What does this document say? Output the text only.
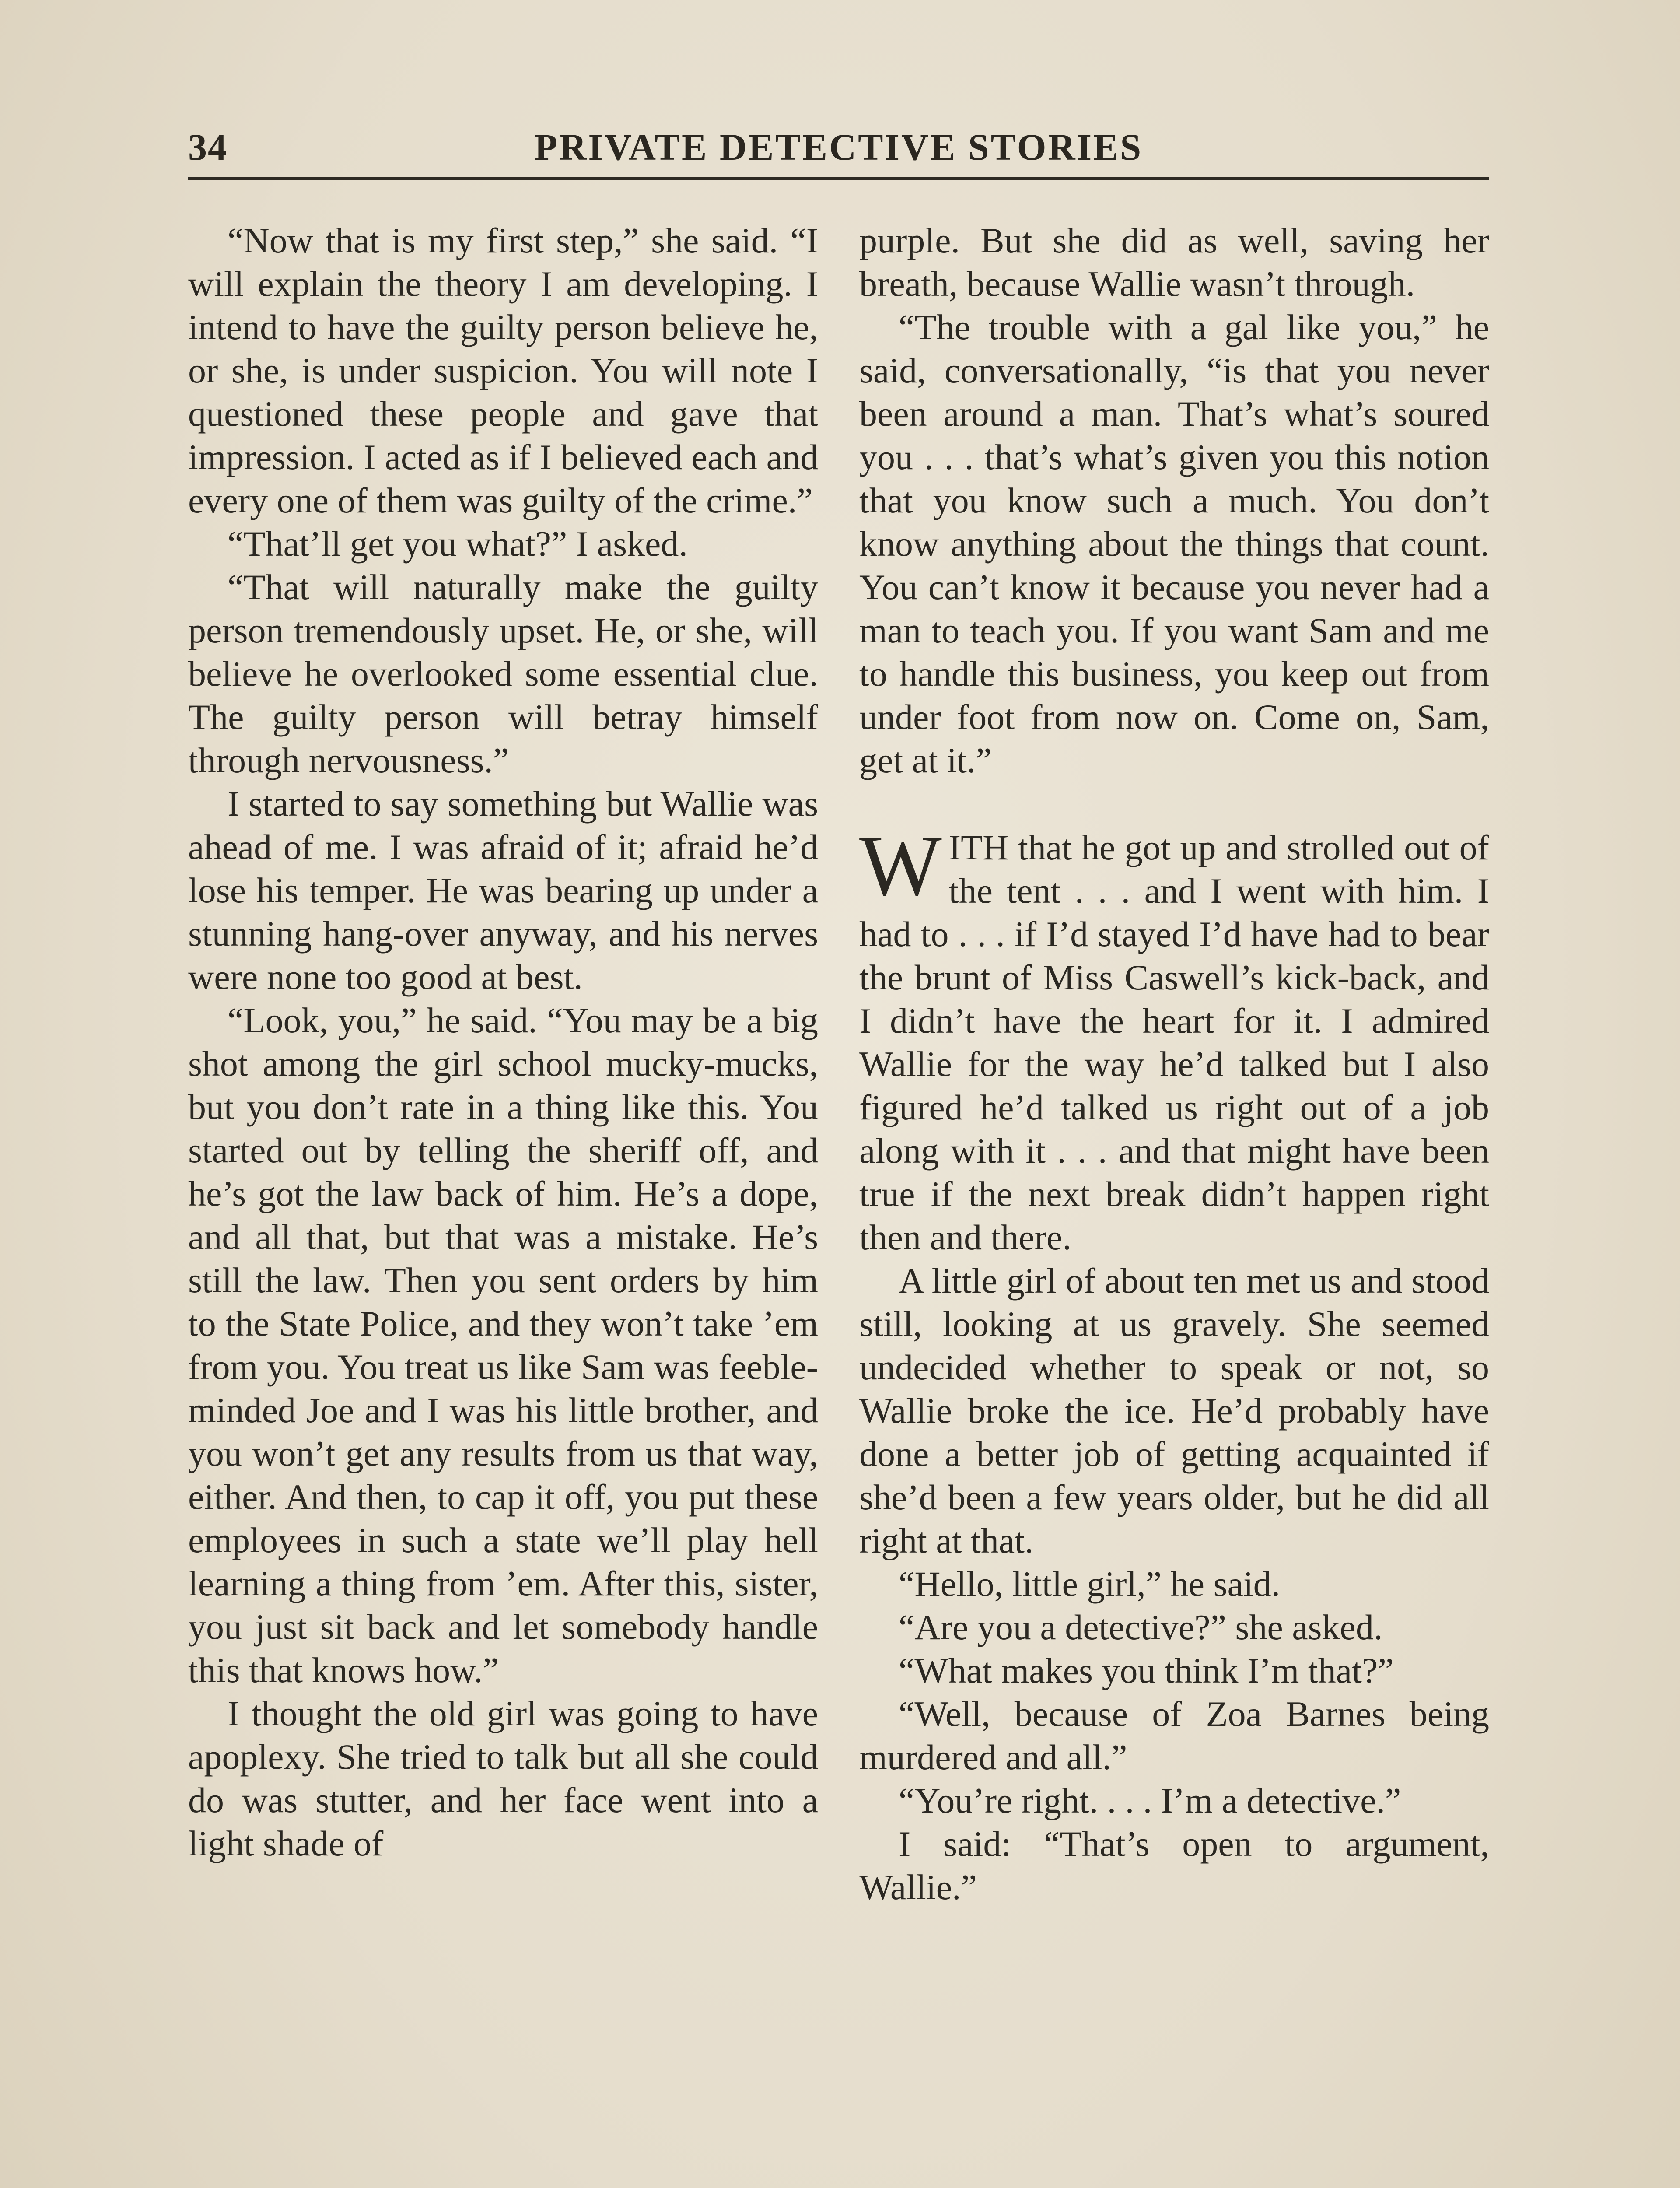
34	PRIVATE DETECTIVE STORIES

“Now that is my first step,” she said. “I will explain the theory I am developing. I intend to have the guilty person believe he, or she, is under suspicion. You will note I questioned these people and gave that impression. I acted as if I believed each and every one of them was guilty of the crime.”

“That’ll get you what?” I asked.

“That will naturally make the guilty person tremendously upset. He, or she, will believe he overlooked some essential clue. The guilty person will betray himself through nervousness.”

I started to say something but Wallie was ahead of me. I was afraid of it; afraid he’d lose his temper. He was bearing up under a stunning hang-over anyway, and his nerves were none too good at best.

“Look, you,” he said. “You may be a big shot among the girl school mucky-mucks, but you don’t rate in a thing like this. You started out by telling the sheriff off, and he’s got the law back of him. He’s a dope, and all that, but that was a mistake. He’s still the law. Then you sent orders by him to the State Police, and they won’t take ’em from you. You treat us like Sam was feeble-minded Joe and I was his little brother, and you won’t get any results from us that way, either. And then, to cap it off, you put these employees in such a state we’ll play hell learning a thing from ’em. After this, sister, you just sit back and let somebody handle this that knows how.”

I thought the old girl was going to have apoplexy. She tried to talk but all she could do was stutter, and her face went into a light shade of

purple. But she did as well, saving her breath, because Wallie wasn’t through.

“The trouble with a gal like you,” he said, conversationally, “is that you never been around a man. That’s what’s soured you . . . that’s what’s given you this notion that you know such a much. You don’t know anything about the things that count. You can’t know it because you never had a man to teach you. If you want Sam and me to handle this business, you keep out from under foot from now on. Come on, Sam, get at it.”

WITH that he got up and strolled out of the tent . . . and I went with him. I had to . . . if I’d stayed I’d have had to bear the brunt of Miss Caswell’s kick-back, and I didn’t have the heart for it. I admired Wallie for the way he’d talked but I also figured he’d talked us right out of a job along with it . . . and that might have been true if the next break didn’t happen right then and there.

A little girl of about ten met us and stood still, looking at us gravely. She seemed undecided whether to speak or not, so Wallie broke the ice. He’d probably have done a better job of getting acquainted if she’d been a few years older, but he did all right at that.

“Hello, little girl,” he said.

“Are you a detective?” she asked.

“What makes you think I’m that?”

“Well, because of Zoa Barnes being murdered and all.”

“You’re right. . . . I’m a detective.”

I said: “That’s open to argument, Wallie.”
